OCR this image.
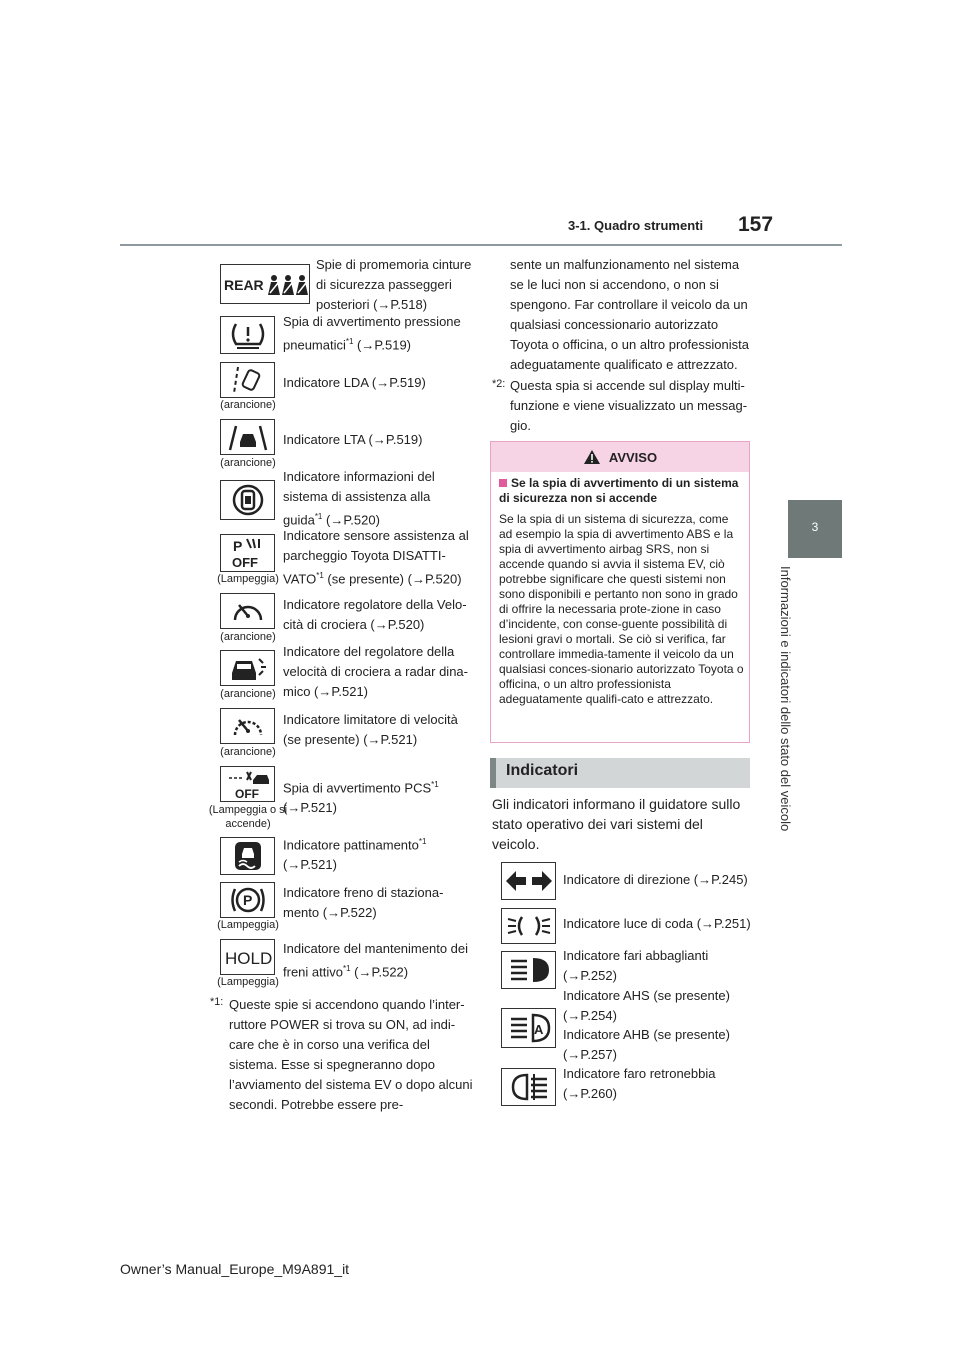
157
3-1. Quadro strumenti
3
Informazioni e indicatori dello stato del veicolo
REAR
Spie di promemoria cinture di sicurezza passeggeri posteriori (→P.518)
Spia di avvertimento pressione pneumatici$^{*1}$ (→P.519)
(arancione)
Indicatore LDA (→P.519)
(arancione)
Indicatore LTA (→P.519)
Indicatore informazioni del sistema di assistenza alla guida$^{*1}$ (→P.520)
P
OFF
(Lampeggia)
Indicatore sensore assistenza al parcheggio Toyota DISATTI-VATO$^{*1}$ (se presente) (→P.520)
(arancione)
Indicatore regolatore della Velo-cità di crociera (→P.520)
(arancione)
Indicatore del regolatore della velocità di crociera a radar dina-mico (→P.521)
(arancione)
Indicatore limitatore di velocità (se presente) (→P.521)
OFF
(Lampeggia o si accende)
Spia di avvertimento PCS$^{*1}$ (→P.521)
Indicatore pattinamento$^{*1}$ (→P.521)
P
(Lampeggia)
Indicatore freno di staziona-mento (→P.522)
HOLD
(Lampeggia)
Indicatore del mantenimento dei freni attivo$^{*1}$ (→P.522)
$^{*1:}$ Queste spie si accendono quando l’inter-ruttore POWER si trova su ON, ad indi-care che è in corso una verifica del sistema. Esse si spegneranno dopo l’avviamento del sistema EV o dopo alcuni secondi. Potrebbe essere pre-
sente un malfunzionamento nel sistema se le luci non si accendono, o non si spengono. Far controllare il veicolo da un qualsiasi concessionario autorizzato Toyota o officina, o un altro professionista adeguatamente qualificato e attrezzato.
$^{*2:}$ Questa spia si accende sul display multi-funzione e viene visualizzato un messag-gio.
AVVISO
Se la spia di avvertimento di un sistema di sicurezza non si accende
Se la spia di un sistema di sicurezza, come ad esempio la spia di avvertimento ABS e la spia di avvertimento airbag SRS, non si accende quando si avvia il sistema EV, ciò potrebbe significare che questi sistemi non sono disponibili e pertanto non sono in grado di offrire la necessaria prote-zione in caso d’incidente, con conse-guente possibilità di lesioni gravi o mortali. Se ciò si verifica, far controllare immedia-tamente il veicolo da un qualsiasi conces-sionario autorizzato Toyota o officina, o un altro professionista adeguatamente qualifi-cato e attrezzato.
Indicatori
Gli indicatori informano il guidatore sullo stato operativo dei vari sistemi del veicolo.
Indicatore di direzione (→P.245)
Indicatore luce di coda (→P.251)
Indicatore fari abbaglianti (→P.252)
A
Indicatore AHS (se presente) (→P.254)
Indicatore AHB (se presente) (→P.257)
Indicatore faro retronebbia (→P.260)
Owner’s Manual_Europe_M9A891_it
